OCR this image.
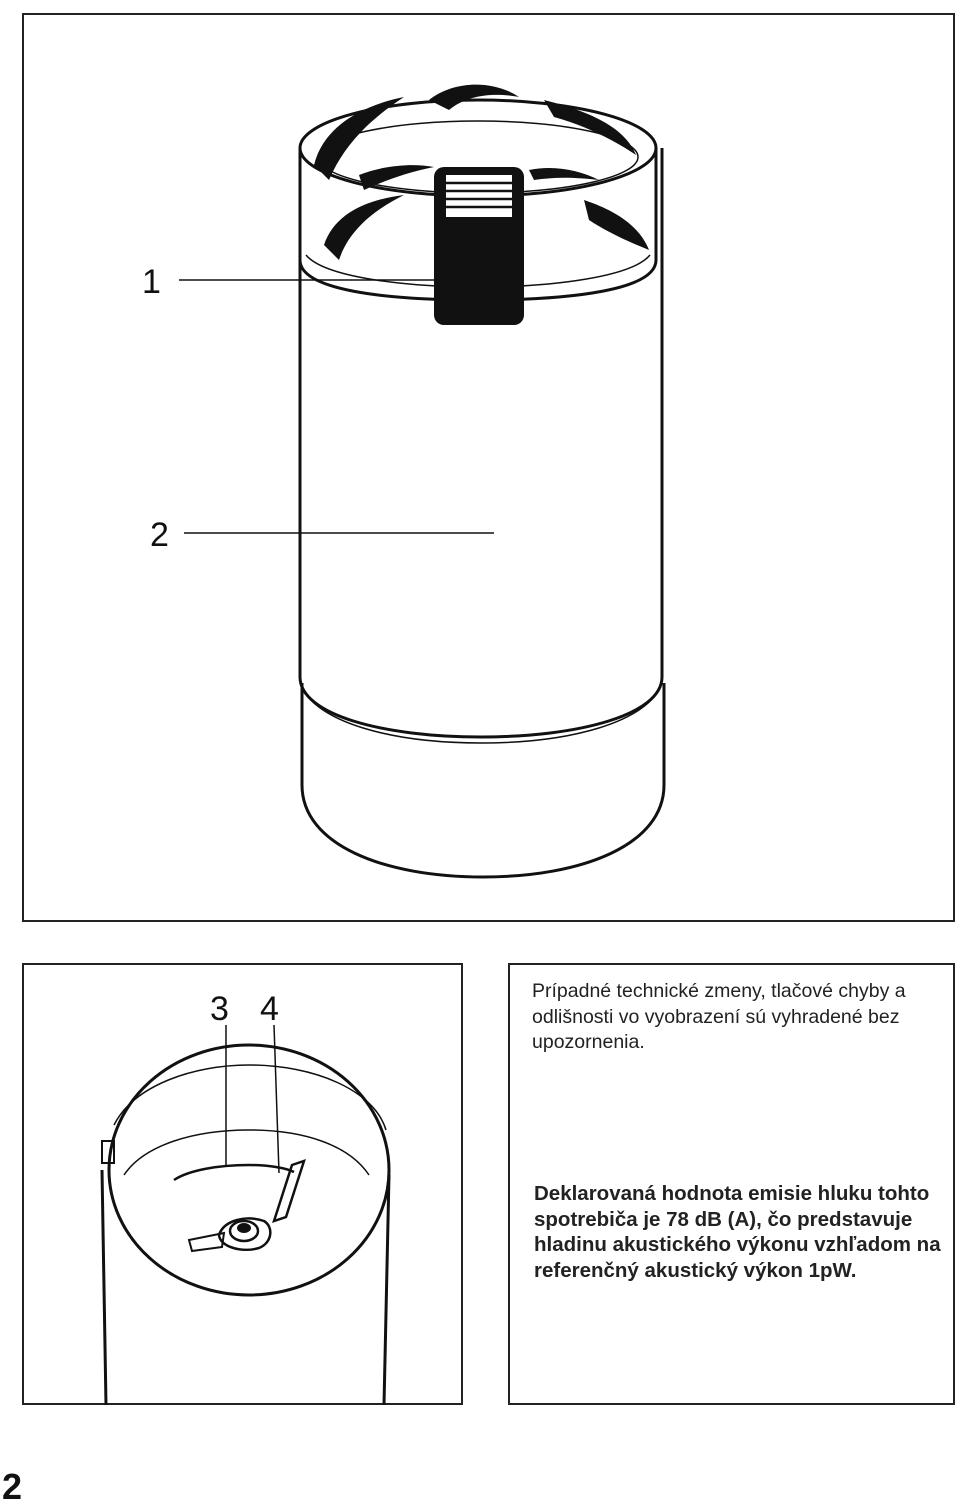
1
2
3 4	Prípadné technické zmeny, tlačové chyby a odlišnosti vo vyobrazení sú vyhradené bez upozornenia.
Deklarovaná hodnota emisie hluku tohto spotrebiča je 78 dB (A), čo predstavuje hladinu akustického výkonu vzhľadom na referenčný akustický výkon 1pW.
2
